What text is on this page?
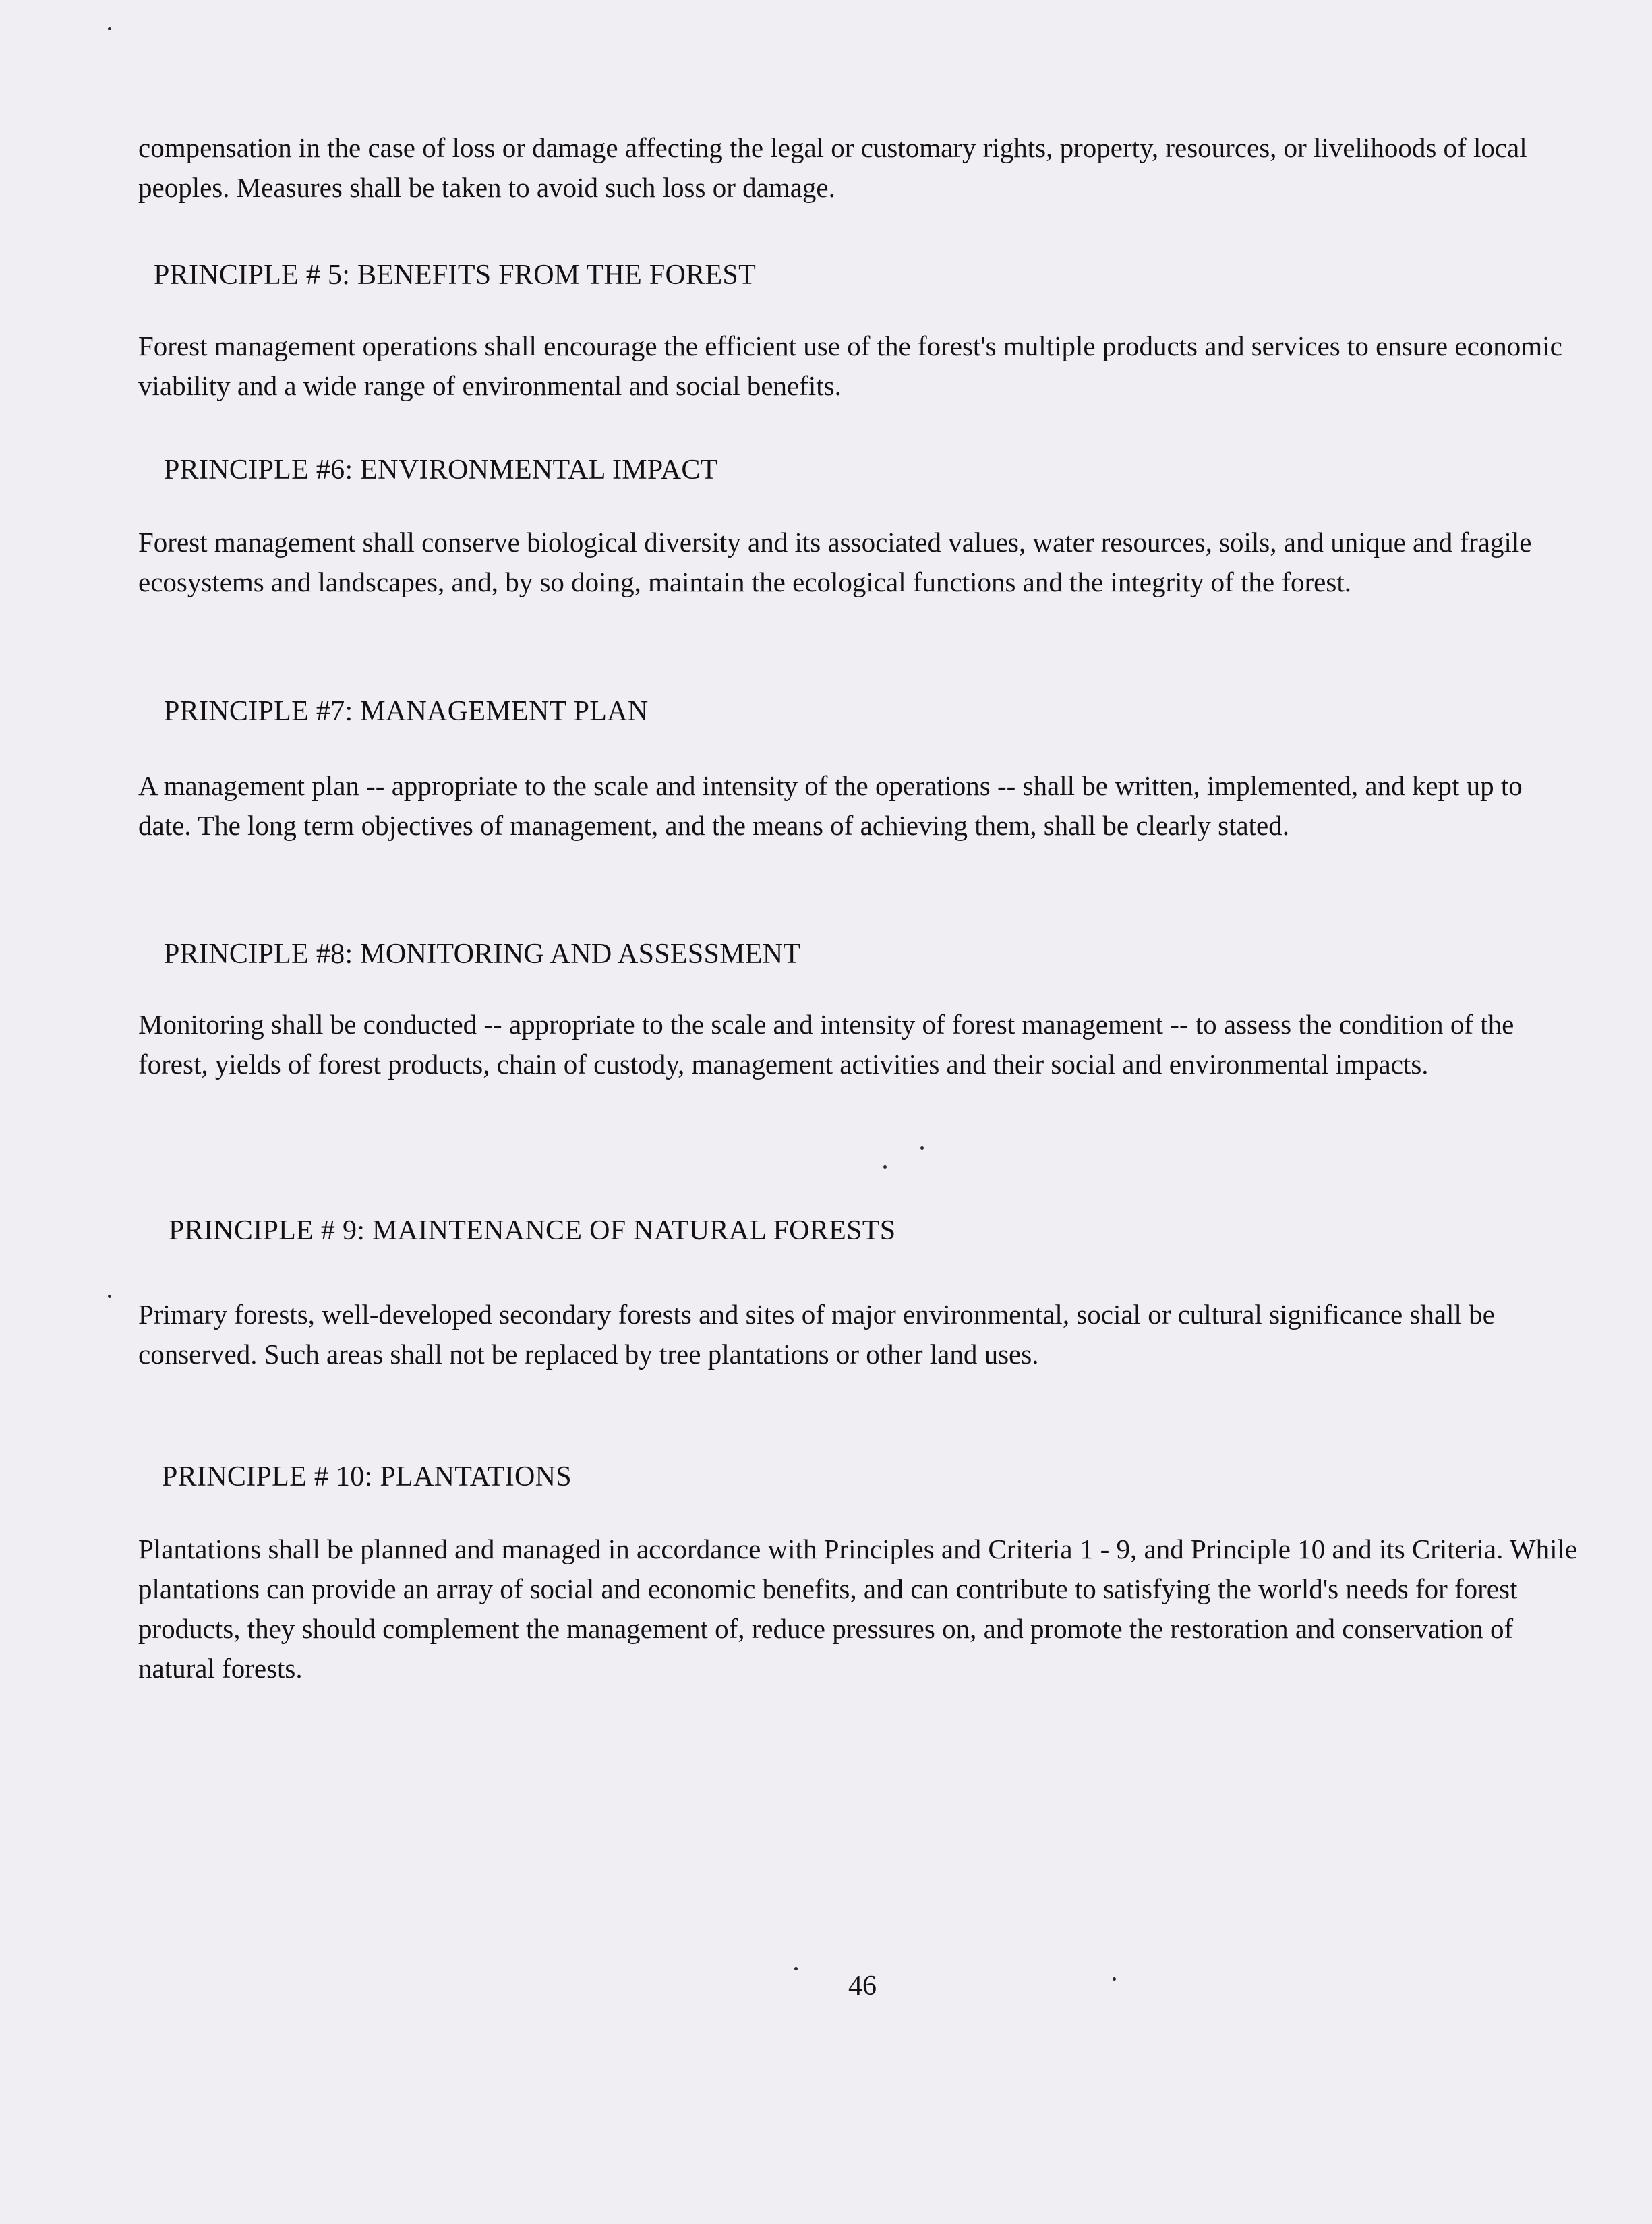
compensation in the case of loss or damage affecting the legal or customary rights, property, resources, or livelihoods of local peoples. Measures shall be taken to avoid such loss or damage.

PRINCIPLE # 5: BENEFITS FROM THE FOREST

Forest management operations shall encourage the efficient use of the forest's multiple products and services to ensure economic viability and a wide range of environmental and social benefits.

PRINCIPLE #6: ENVIRONMENTAL IMPACT

Forest management shall conserve biological diversity and its associated values, water resources, soils, and unique and fragile ecosystems and landscapes, and, by so doing, maintain the ecological functions and the integrity of the forest.

PRINCIPLE #7: MANAGEMENT PLAN

A management plan -- appropriate to the scale and intensity of the operations -- shall be written, implemented, and kept up to date. The long term objectives of management, and the means of achieving them, shall be clearly stated.

PRINCIPLE #8: MONITORING AND ASSESSMENT

Monitoring shall be conducted -- appropriate to the scale and intensity of forest management -- to assess the condition of the forest, yields of forest products, chain of custody, management activities and their social and environmental impacts.

PRINCIPLE # 9: MAINTENANCE OF NATURAL FORESTS

Primary forests, well-developed secondary forests and sites of major environmental, social or cultural significance shall be conserved. Such areas shall not be replaced by tree plantations or other land uses.

PRINCIPLE # 10: PLANTATIONS

Plantations shall be planned and managed in accordance with Principles and Criteria 1 - 9, and Principle 10 and its Criteria. While plantations can provide an array of social and economic benefits, and can contribute to satisfying the world's needs for forest products, they should complement the management of, reduce pressures on, and promote the restoration and conservation of natural forests.

46
